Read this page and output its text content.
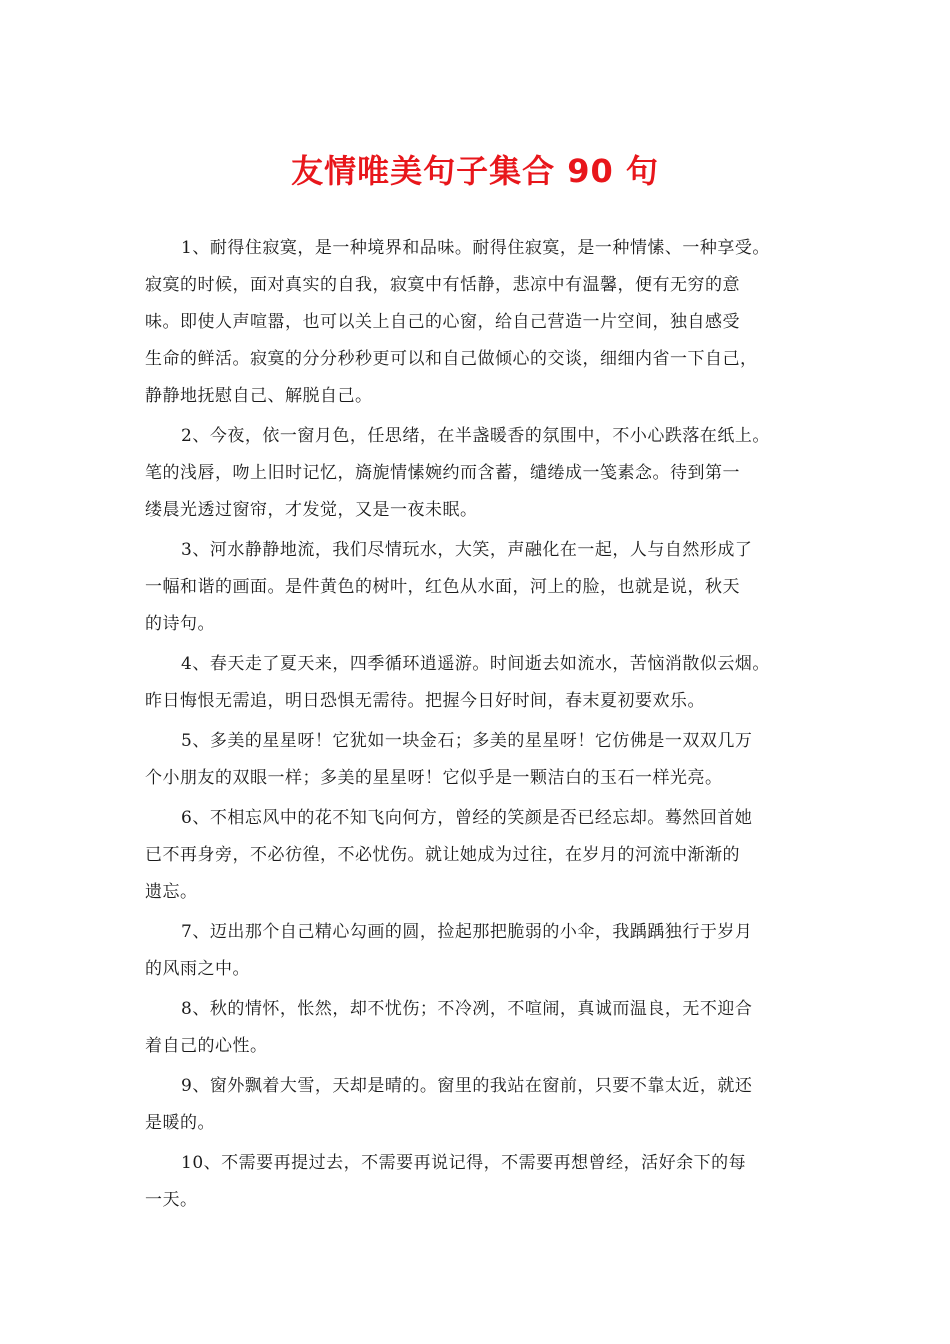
友情唯美句子集合 90 句
1、耐得住寂寞，是一种境界和品味。耐得住寂寞，是一种情愫、一种享受。
寂寞的时候，面对真实的自我，寂寞中有恬静，悲凉中有温馨，便有无穷的意
味。即使人声喧嚣，也可以关上自己的心窗，给自己营造一片空间，独自感受
生命的鲜活。寂寞的分分秒秒更可以和自己做倾心的交谈，细细内省一下自己，
静静地抚慰自己、解脱自己。
2、今夜，依一窗月色，任思绪，在半盏暖香的氛围中，不小心跌落在纸上。
笔的浅唇，吻上旧时记忆，旖旎情愫婉约而含蓄，缱绻成一笺素念。待到第一
缕晨光透过窗帘，才发觉，又是一夜未眠。
3、河水静静地流，我们尽情玩水，大笑，声融化在一起，人与自然形成了
一幅和谐的画面。是件黄色的树叶，红色从水面，河上的脸，也就是说，秋天
的诗句。
4、春天走了夏天来，四季循环逍遥游。时间逝去如流水，苦恼消散似云烟。
昨日悔恨无需追，明日恐惧无需待。把握今日好时间，春末夏初要欢乐。
5、多美的星星呀！它犹如一块金石；多美的星星呀！它仿佛是一双双几万
个小朋友的双眼一样；多美的星星呀！它似乎是一颗洁白的玉石一样光亮。
6、不相忘风中的花不知飞向何方，曾经的笑颜是否已经忘却。蓦然回首她
已不再身旁，不必彷徨，不必忧伤。就让她成为过往，在岁月的河流中渐渐的
遗忘。
7、迈出那个自己精心勾画的圆，捡起那把脆弱的小伞，我踽踽独行于岁月
的风雨之中。
8、秋的情怀，怅然，却不忧伤；不冷冽，不喧闹，真诚而温良，无不迎合
着自己的心性。
9、窗外飘着大雪，天却是晴的。窗里的我站在窗前，只要不靠太近，就还
是暖的。
10、不需要再提过去，不需要再说记得，不需要再想曾经，活好余下的每
一天。
